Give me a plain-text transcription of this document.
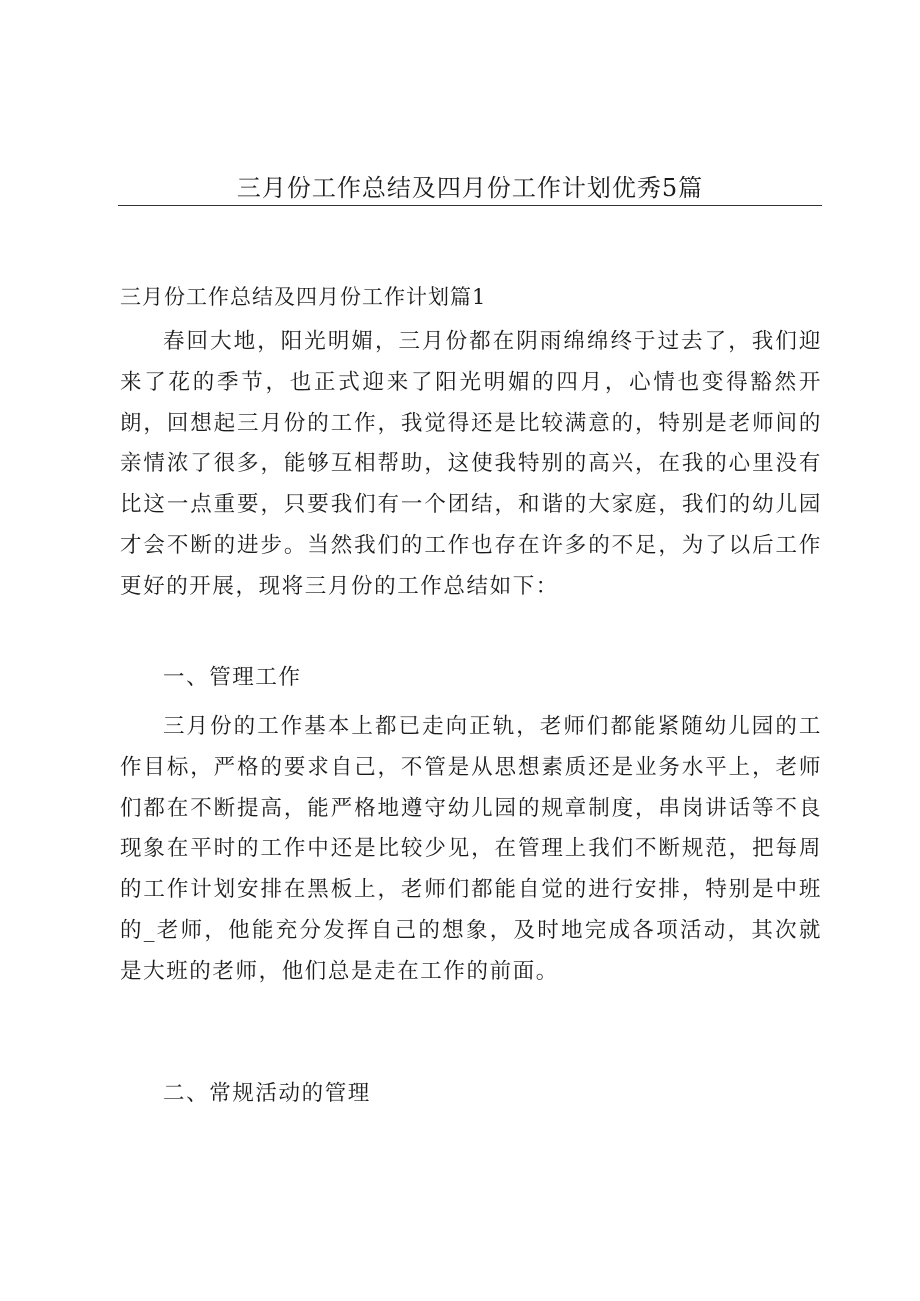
三月份工作总结及四月份工作计划优秀5篇
三月份工作总结及四月份工作计划篇1

春回大地，阳光明媚，三月份都在阴雨绵绵终于过去了，我们迎来了花的季节，也正式迎来了阳光明媚的四月，心情也变得豁然开朗，回想起三月份的工作，我觉得还是比较满意的，特别是老师间的亲情浓了很多，能够互相帮助，这使我特别的高兴，在我的心里没有比这一点重要，只要我们有一个团结，和谐的大家庭，我们的幼儿园才会不断的进步。当然我们的工作也存在许多的不足，为了以后工作更好的开展，现将三月份的工作总结如下：

一、管理工作

三月份的工作基本上都已走向正轨，老师们都能紧随幼儿园的工作目标，严格的要求自己，不管是从思想素质还是业务水平上，老师们都在不断提高，能严格地遵守幼儿园的规章制度，串岗讲话等不良现象在平时的工作中还是比较少见，在管理上我们不断规范，把每周的工作计划安排在黑板上，老师们都能自觉的进行安排，特别是中班的_老师，他能充分发挥自己的想象，及时地完成各项活动，其次就是大班的老师，他们总是走在工作的前面。

二、常规活动的管理
